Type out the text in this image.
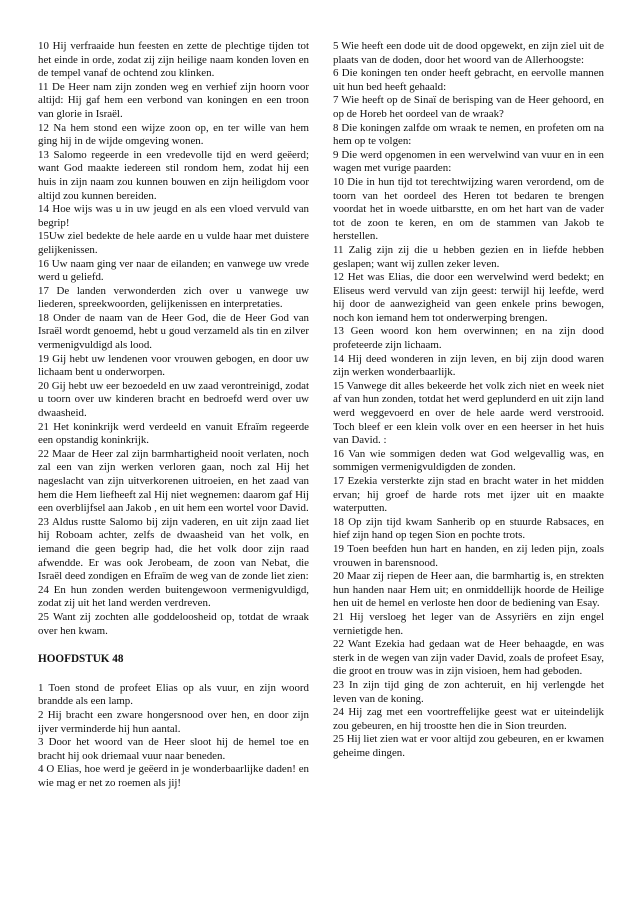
10 Hij verfraaide hun feesten en zette de plechtige tijden tot het einde in orde, zodat zij zijn heilige naam konden loven en de tempel vanaf de ochtend zou klinken.

11 De Heer nam zijn zonden weg en verhief zijn hoorn voor altijd: Hij gaf hem een verbond van koningen en een troon van glorie in Israël.

12 Na hem stond een wijze zoon op, en ter wille van hem ging hij in de wijde omgeving wonen.

13 Salomo regeerde in een vredevolle tijd en werd geëerd; want God maakte iedereen stil rondom hem, zodat hij een huis in zijn naam zou kunnen bouwen en zijn heiligdom voor altijd zou kunnen bereiden.

14 Hoe wijs was u in uw jeugd en als een vloed vervuld van begrip!

15Uw ziel bedekte de hele aarde en u vulde haar met duistere gelijkenissen.

16 Uw naam ging ver naar de eilanden; en vanwege uw vrede werd u geliefd.

17 De landen verwonderden zich over u vanwege uw liederen, spreekwoorden, gelijkenissen en interpretaties.

18 Onder de naam van de Heer God, die de Heer God van Israël wordt genoemd, hebt u goud verzameld als tin en zilver vermenigvuldigd als lood.

19 Gij hebt uw lendenen voor vrouwen gebogen, en door uw lichaam bent u onderworpen.

20 Gij hebt uw eer bezoedeld en uw zaad verontreinigd, zodat u toorn over uw kinderen bracht en bedroefd werd over uw dwaasheid.

21 Het koninkrijk werd verdeeld en vanuit Efraïm regeerde een opstandig koninkrijk.

22 Maar de Heer zal zijn barmhartigheid nooit verlaten, noch zal een van zijn werken verloren gaan, noch zal Hij het nageslacht van zijn uitverkorenen uitroeien, en het zaad van hem die Hem liefheeft zal Hij niet wegnemen: daarom gaf Hij een overblijfsel aan Jakob , en uit hem een wortel voor David.

23 Aldus rustte Salomo bij zijn vaderen, en uit zijn zaad liet hij Roboam achter, zelfs de dwaasheid van het volk, en iemand die geen begrip had, die het volk door zijn raad afwendde. Er was ook Jerobeam, de zoon van Nebat, die Israël deed zondigen en Efraïm de weg van de zonde liet zien:

24 En hun zonden werden buitengewoon vermenigvuldigd, zodat zij uit het land werden verdreven.

25 Want zij zochten alle goddeloosheid op, totdat de wraak over hen kwam.

HOOFDSTUK 48

1 Toen stond de profeet Elias op als vuur, en zijn woord brandde als een lamp.

2 Hij bracht een zware hongersnood over hen, en door zijn ijver verminderde hij hun aantal.

3 Door het woord van de Heer sloot hij de hemel toe en bracht hij ook driemaal vuur naar beneden.

4 O Elias, hoe werd je geëerd in je wonderbaarlijke daden! en wie mag er net zo roemen als jij!

5 Wie heeft een dode uit de dood opgewekt, en zijn ziel uit de plaats van de doden, door het woord van de Allerhoogste:

6 Die koningen ten onder heeft gebracht, en eervolle mannen uit hun bed heeft gehaald:

7 Wie heeft op de Sinaï de berisping van de Heer gehoord, en op de Horeb het oordeel van de wraak?

8 Die koningen zalfde om wraak te nemen, en profeten om na hem op te volgen:

9 Die werd opgenomen in een wervelwind van vuur en in een wagen met vurige paarden:

10 Die in hun tijd tot terechtwijzing waren verordend, om de toorn van het oordeel des Heren tot bedaren te brengen voordat het in woede uitbarstte, en om het hart van de vader tot de zoon te keren, en om de stammen van Jakob te herstellen.

11 Zalig zijn zij die u hebben gezien en in liefde hebben geslapen; want wij zullen zeker leven.

12 Het was Elias, die door een wervelwind werd bedekt; en Eliseus werd vervuld van zijn geest: terwijl hij leefde, werd hij door de aanwezigheid van geen enkele prins bewogen, noch kon iemand hem tot onderwerping brengen.

13 Geen woord kon hem overwinnen; en na zijn dood profeteerde zijn lichaam.

14 Hij deed wonderen in zijn leven, en bij zijn dood waren zijn werken wonderbaarlijk.

15 Vanwege dit alles bekeerde het volk zich niet en week niet af van hun zonden, totdat het werd geplunderd en uit zijn land werd weggevoerd en over de hele aarde werd verstrooid. Toch bleef er een klein volk over en een heerser in het huis van David. :

16 Van wie sommigen deden wat God welgevallig was, en sommigen vermenigvuldigden de zonden.

17 Ezekia versterkte zijn stad en bracht water in het midden ervan; hij groef de harde rots met ijzer uit en maakte waterputten.

18 Op zijn tijd kwam Sanherib op en stuurde Rabsaces, en hief zijn hand op tegen Sion en pochte trots.

19 Toen beefden hun hart en handen, en zij leden pijn, zoals vrouwen in barensnood.

20 Maar zij riepen de Heer aan, die barmhartig is, en strekten hun handen naar Hem uit; en onmiddellijk hoorde de Heilige hen uit de hemel en verloste hen door de bediening van Esay.

21 Hij versloeg het leger van de Assyriërs en zijn engel vernietigde hen.

22 Want Ezekia had gedaan wat de Heer behaagde, en was sterk in de wegen van zijn vader David, zoals de profeet Esay, die groot en trouw was in zijn visioen, hem had geboden.

23 In zijn tijd ging de zon achteruit, en hij verlengde het leven van de koning.

24 Hij zag met een voortreffelijke geest wat er uiteindelijk zou gebeuren, en hij troostte hen die in Sion treurden.

25 Hij liet zien wat er voor altijd zou gebeuren, en er kwamen geheime dingen.
